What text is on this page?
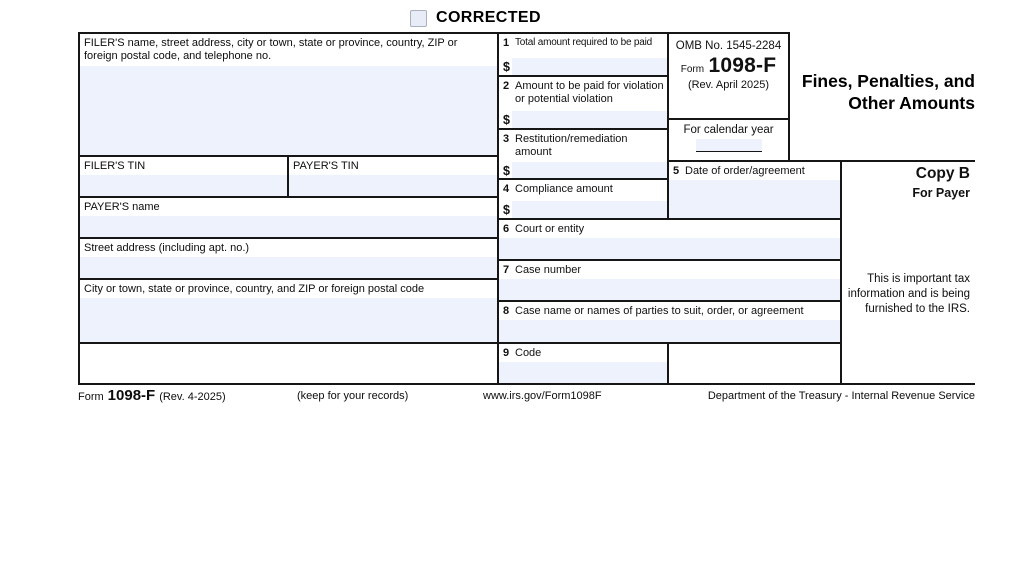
CORRECTED
FILER'S name, street address, city or town, state or province, country, ZIP or foreign postal code, and telephone no.
FILER'S TIN	PAYER'S TIN
PAYER'S name
Street address (including apt. no.)
City or town, state or province, country, and ZIP or foreign postal code
1 Total amount required to be paid
$
2 Amount to be paid for violation or potential violation
$
3 Restitution/remediation amount
$
4 Compliance amount
$
OMB No. 1545-2284
Form 1098-F
(Rev. April 2025)
For calendar year
5 Date of order/agreement
6 Court or entity
7 Case number
8 Case name or names of parties to suit, order, or agreement
9 Code
Copy B
For Payer
This is important tax information and is being furnished to the IRS.
Fines, Penalties, and
Other Amounts
Form 1098-F (Rev. 4-2025)	(keep for your records)	www.irs.gov/Form1098F	Department of the Treasury - Internal Revenue Service
